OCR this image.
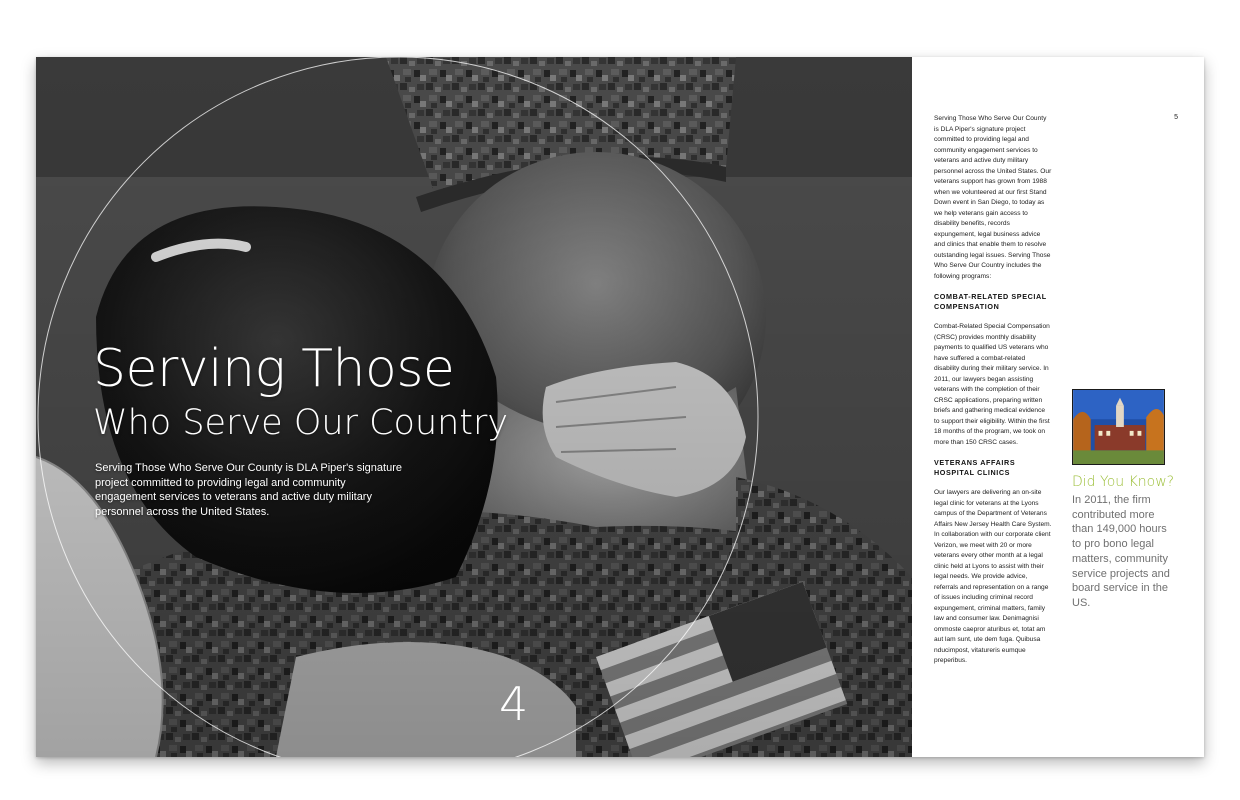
Serving Those
Who Serve Our Country
Serving Those Who Serve Our County is DLA Piper's signature project committed to providing legal and community engagement services to veterans and active duty military personnel across the United States.
4
5

Serving Those Who Serve Our County is DLA Piper's signature project committed to providing legal and community engagement services to veterans and active duty military personnel across the United States. Our veterans support has grown from 1988 when we volunteered at our first Stand Down event in San Diego, to today as we help veterans gain access to disability benefits, records expungement, legal business advice and clinics that enable them to resolve outstanding legal issues. Serving Those Who Serve Our Country includes the following programs:

COMBAT-RELATED SPECIAL COMPENSATION

Combat-Related Special Compensation (CRSC) provides monthly disability payments to qualified US veterans who have suffered a combat-related disability during their military service. In 2011, our lawyers began assisting veterans with the completion of their CRSC applications, preparing written briefs and gathering medical evidence to support their eligibility. Within the first 18 months of the program, we took on more than 150 CRSC cases.

VETERANS AFFAIRS HOSPITAL CLINICS

Our lawyers are delivering an on-site legal clinic for veterans at the Lyons campus of the Department of Veterans Affairs New Jersey Health Care System. In collaboration with our corporate client Verizon, we meet with 20 or more veterans every other month at a legal clinic held at Lyons to assist with their legal needs. We provide advice, referrals and representation on a range of issues including criminal record expungement, criminal matters, family law and consumer law. Denimagnisi ommoste caepror aturibus et, totat am aut lam sunt, ute dem fuga. Quibusa nducimpost, vitatureris eumque preperibus.

Did You Know?
In 2011, the firm contributed more than 149,000 hours to pro bono legal matters, community service projects and board service in the US.
